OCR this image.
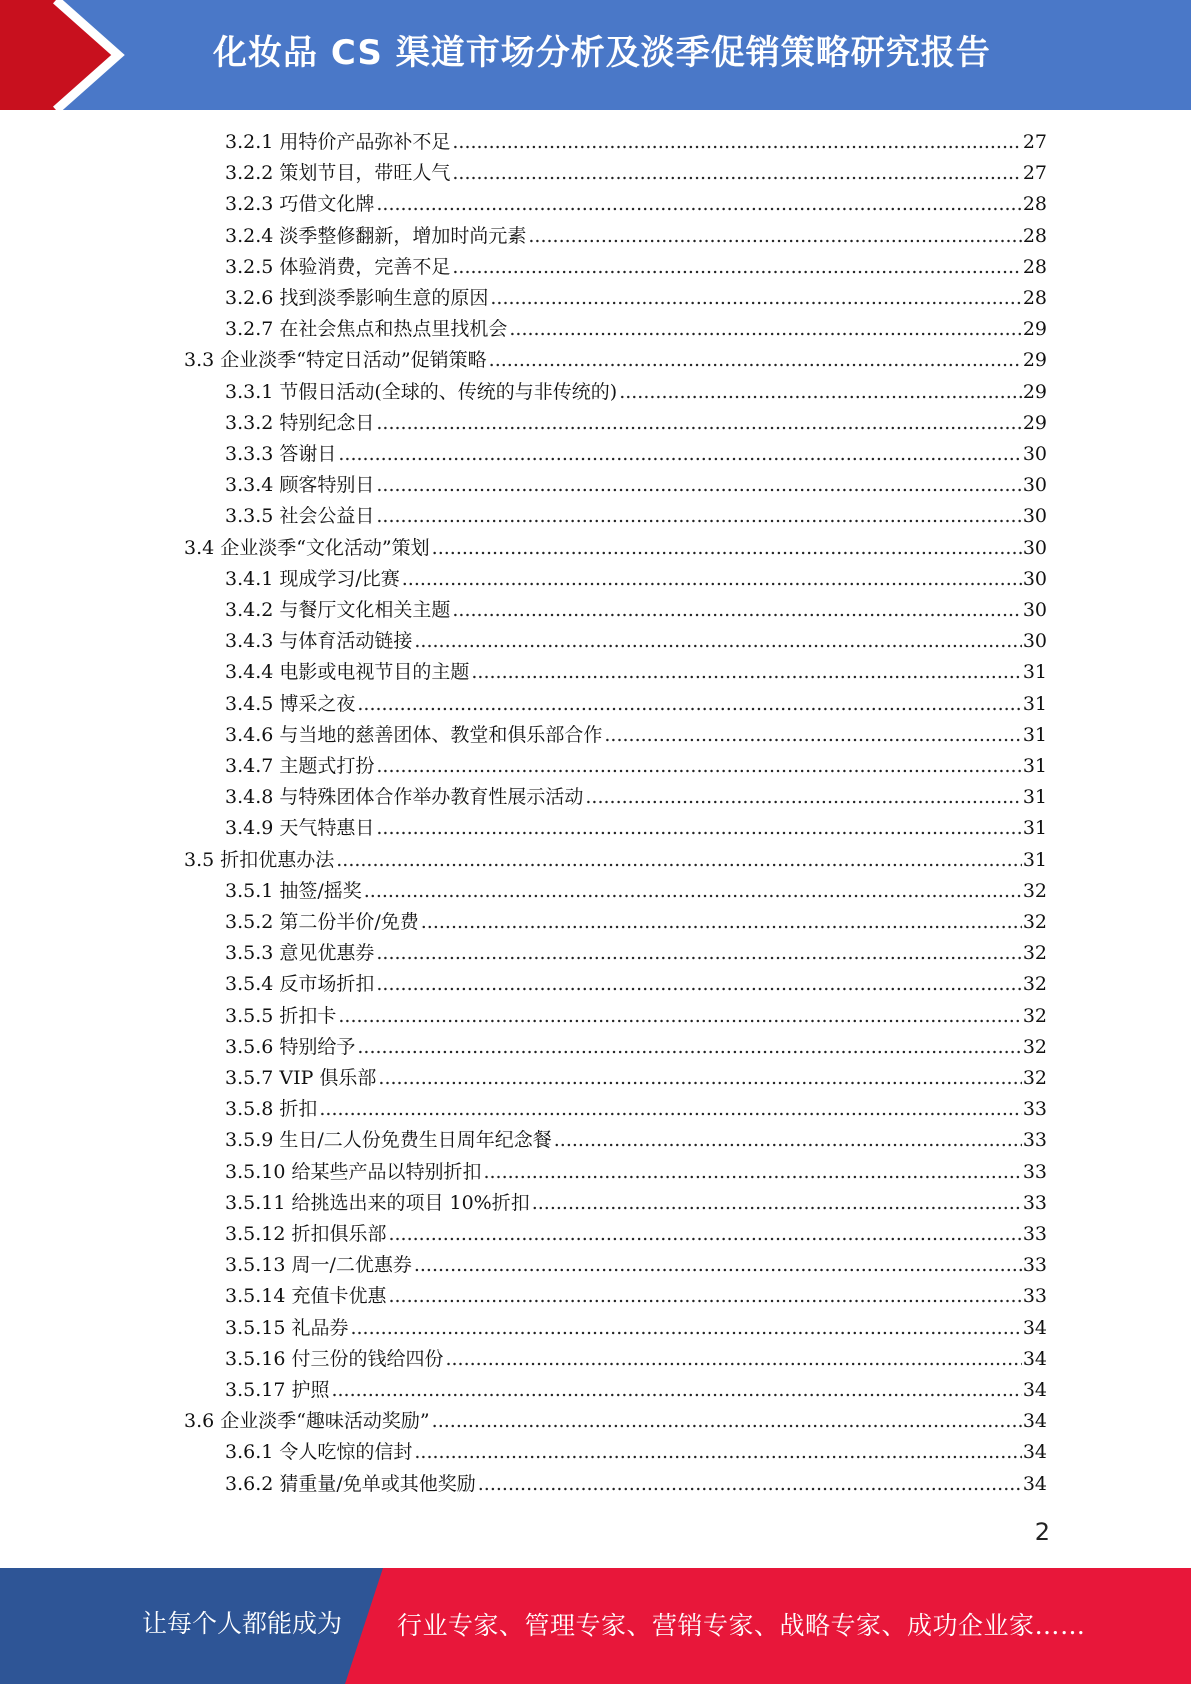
化妆品 CS 渠道市场分析及淡季促销策略研究报告
3.2.1 用特价产品弥补不足 .....	27
3.2.2 策划节目，带旺人气 .....	27
3.2.3 巧借文化牌 .....	28
3.2.4 淡季整修翻新，增加时尚元素 .....	28
3.2.5 体验消费，完善不足 .....	28
3.2.6 找到淡季影响生意的原因 .....	28
3.2.7 在社会焦点和热点里找机会 .....	29
3.3 企业淡季“特定日活动”促销策略 .....	29
3.3.1 节假日活动(全球的、传统的与非传统的) .....	29
3.3.2 特别纪念日 .....	29
3.3.3 答谢日 .....	30
3.3.4 顾客特别日 .....	30
3.3.5 社会公益日 .....	30
3.4 企业淡季“文化活动”策划 .....	30
3.4.1 现成学习/比赛 .....	30
3.4.2 与餐厅文化相关主题 .....	30
3.4.3 与体育活动链接 .....	30
3.4.4 电影或电视节目的主题 .....	31
3.4.5 博采之夜 .....	31
3.4.6 与当地的慈善团体、教堂和俱乐部合作 .....	31
3.4.7 主题式打扮 .....	31
3.4.8 与特殊团体合作举办教育性展示活动 .....	31
3.4.9 天气特惠日 .....	31
3.5 折扣优惠办法 .....	31
3.5.1 抽签/摇奖 .....	32
3.5.2 第二份半价/免费 .....	32
3.5.3 意见优惠券 .....	32
3.5.4 反市场折扣 .....	32
3.5.5 折扣卡 .....	32
3.5.6 特别给予 .....	32
3.5.7 VIP 俱乐部 .....	32
3.5.8 折扣 .....	33
3.5.9 生日/二人份免费生日周年纪念餐 .....	33
3.5.10 给某些产品以特别折扣 .....	33
3.5.11 给挑选出来的项目 10%折扣 .....	33
3.5.12 折扣俱乐部 .....	33
3.5.13 周一/二优惠券 .....	33
3.5.14 充值卡优惠 .....	33
3.5.15 礼品券 .....	34
3.5.16 付三份的钱给四份 .....	34
3.5.17 护照 .....	34
3.6 企业淡季“趣味活动奖励” .....	34
3.6.1 令人吃惊的信封 .....	34
3.6.2 猜重量/免单或其他奖励 .....	34
2
让每个人都能成为 行业专家、管理专家、营销专家、战略专家、成功企业家……
